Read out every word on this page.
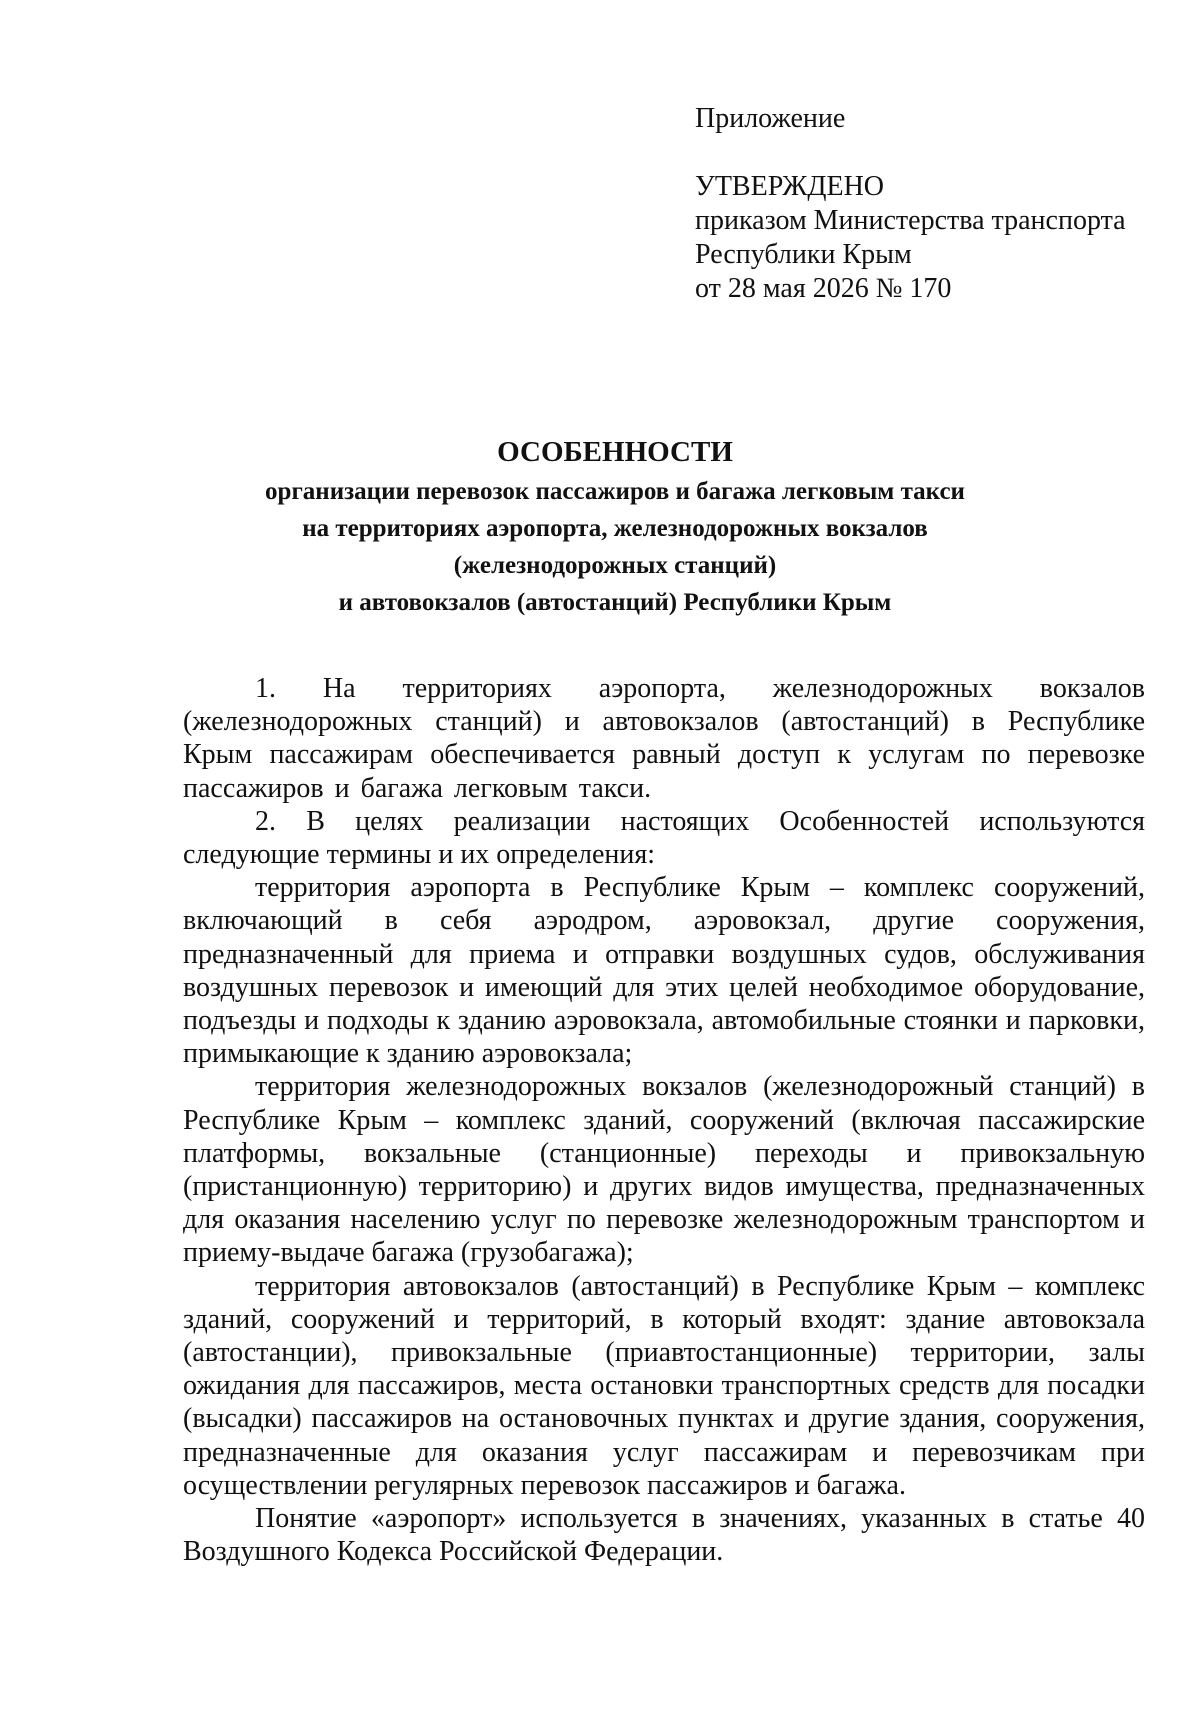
Приложение
УТВЕРЖДЕНО
приказом Министерства транспорта
Республики Крым
от 28 мая 2026 № 170
ОСОБЕННОСТИ
организации перевозок пассажиров и багажа легковым такси
на территориях аэропорта, железнодорожных вокзалов
(железнодорожных станций)
и автовокзалов (автостанций) Республики Крым

1. На территориях аэропорта, железнодорожных вокзалов (железнодорожных станций) и автовокзалов (автостанций) в Республике Крым пассажирам обеспечивается равный доступ к услугам по перевозке пассажиров и багажа легковым такси.

2. В целях реализации настоящих Особенностей используются следующие термины и их определения:

территория аэропорта в Республике Крым – комплекс сооружений, включающий в себя аэродром, аэровокзал, другие сооружения, предназначенный для приема и отправки воздушных судов, обслуживания воздушных перевозок и имеющий для этих целей необходимое оборудование, подъезды и подходы к зданию аэровокзала, автомобильные стоянки и парковки, примыкающие к зданию аэровокзала;

территория железнодорожных вокзалов (железнодорожный станций) в Республике Крым – комплекс зданий, сооружений (включая пассажирские платформы, вокзальные (станционные) переходы и привокзальную (пристанционную) территорию) и других видов имущества, предназначенных для оказания населению услуг по перевозке железнодорожным транспортом и приему-выдаче багажа (грузобагажа);

территория автовокзалов (автостанций) в Республике Крым – комплекс зданий, сооружений и территорий, в который входят: здание автовокзала (автостанции), привокзальные (приавтостанционные) территории, залы ожидания для пассажиров, места остановки транспортных средств для посадки (высадки) пассажиров на остановочных пунктах и другие здания, сооружения, предназначенные для оказания услуг пассажирам и перевозчикам при осуществлении регулярных перевозок пассажиров и багажа.

Понятие «аэропорт» используется в значениях, указанных в статье 40 Воздушного Кодекса Российской Федерации.
